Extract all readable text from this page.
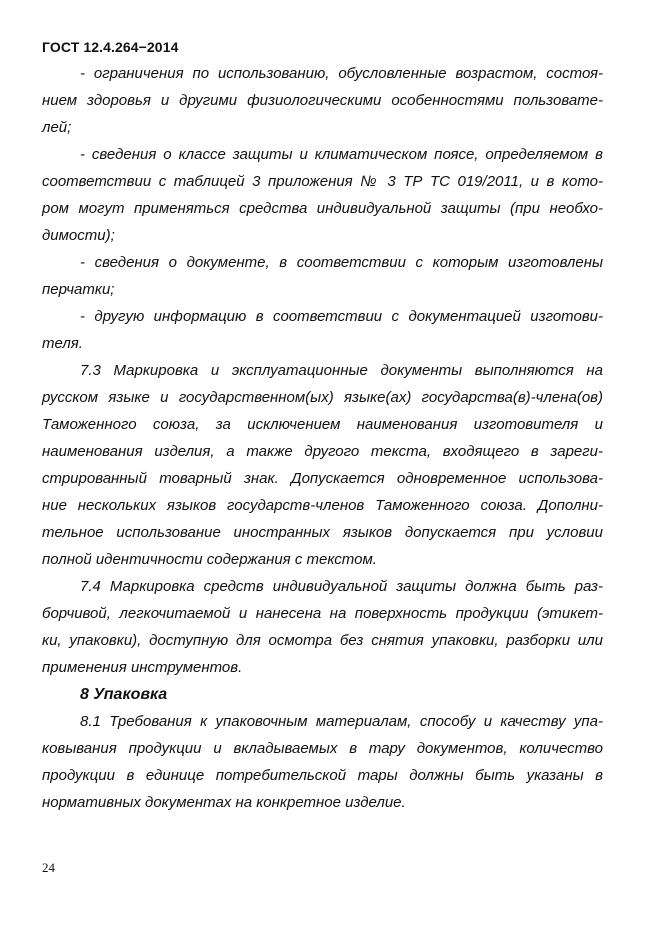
ГОСТ 12.4.264−2014
- ограничения по использованию, обусловленные возрастом, состоя-
нием здоровья и другими физиологическими особенностями пользовате-
лей;
- сведения о классе защиты и климатическом поясе, определяемом в
соответствии с таблицей 3 приложения № 3 ТР ТС 019/2011, и в кото-
ром могут применяться средства индивидуальной защиты (при необхо-
димости);
- сведения о документе, в соответствии с которым изготовлены
перчатки;
- другую информацию в соответствии с документацией изготови-
теля.
7.3 Маркировка и эксплуатационные документы выполняются на
русском языке и государственном(ых) языке(ах) государства(в)-члена(ов)
Таможенного союза, за исключением наименования изготовителя и
наименования изделия, а также другого текста, входящего в зареги-
стрированный товарный знак. Допускается одновременное использова-
ние нескольких языков государств-членов Таможенного союза. Дополни-
тельное использование иностранных языков допускается при условии
полной идентичности содержания с текстом.
7.4 Маркировка средств индивидуальной защиты должна быть раз-
борчивой, легкочитаемой и нанесена на поверхность продукции (этикет-
ки, упаковки), доступную для осмотра без снятия упаковки, разборки или
применения инструментов.
8 Упаковка
8.1 Требования к упаковочным материалам, способу и качеству упа-
ковывания продукции и вкладываемых в тару документов, количество
продукции в единице потребительской тары должны быть указаны в
нормативных документах на конкретное изделие.
24
